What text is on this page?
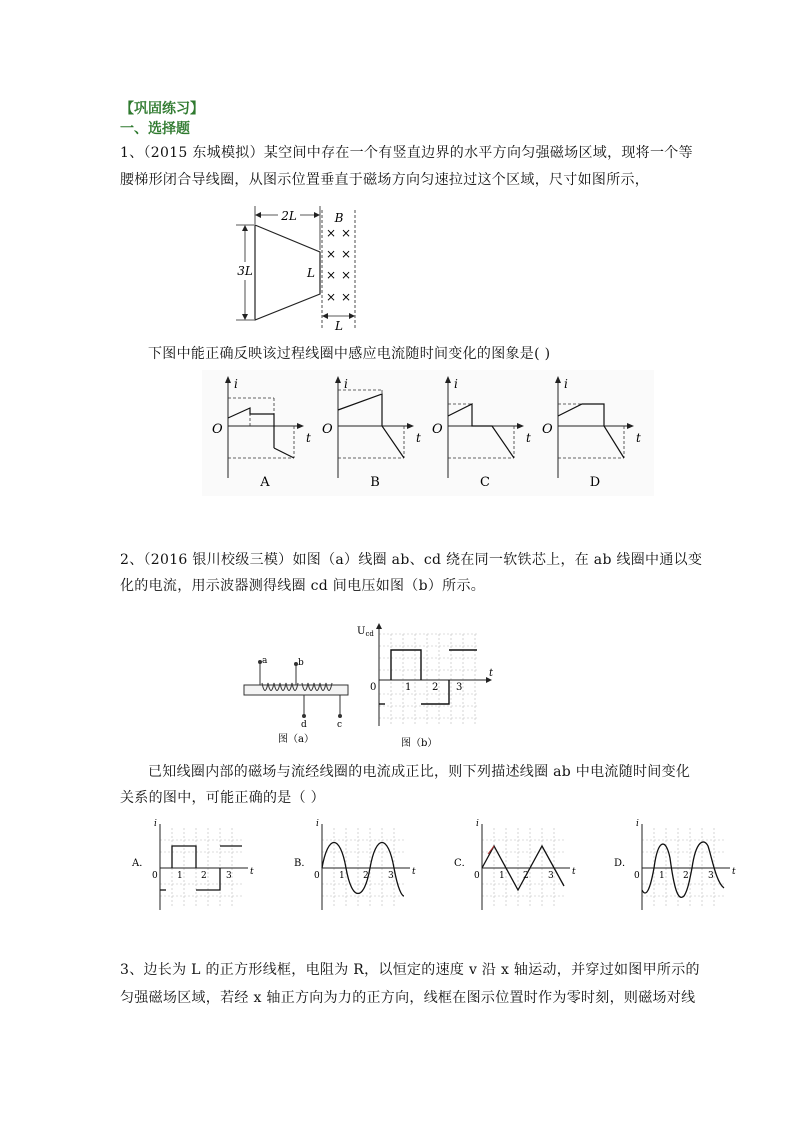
【巩固练习】
一、选择题
1、（2015 东城模拟）某空间中存在一个有竖直边界的水平方向匀强磁场区域，现将一个等
腰梯形闭合导线圈，从图示位置垂直于磁场方向匀速拉过这个区域，尺寸如图所示，
2L
3L	L
B
× ×
× ×
× ×
× ×
L
下图中能正确反映该过程线圈中感应电流随时间变化的图象是( )
i
t
O
A
i
t
O
B
i
t
O
C
i
t
O
D
2、（2016 银川校级三模）如图（a）线圈 ab、cd 绕在同一软铁芯上，在 ab 线圈中通以变
化的电流，用示波器测得线圈 cd 间电压如图（b）所示。
a	b
d	c
图（a）
$U_{cd}$
t
0	1 2 3
图（b）
已知线圈内部的磁场与流经线圈的电流成正比，则下列描述线圈 ab 中电流随时间变化
关系的图中，可能正确的是（ ）
A．
i
t
0 1 2 3
B．
i
t
0 1 2 3
C．
i
t
0 1 2 3
D．
i
t
0 1 2 3
3、边长为 L 的正方形线框，电阻为 R，以恒定的速度 v 沿 x 轴运动，并穿过如图甲所示的
匀强磁场区域，若经 x 轴正方向为力的正方向，线框在图示位置时作为零时刻，则磁场对线
